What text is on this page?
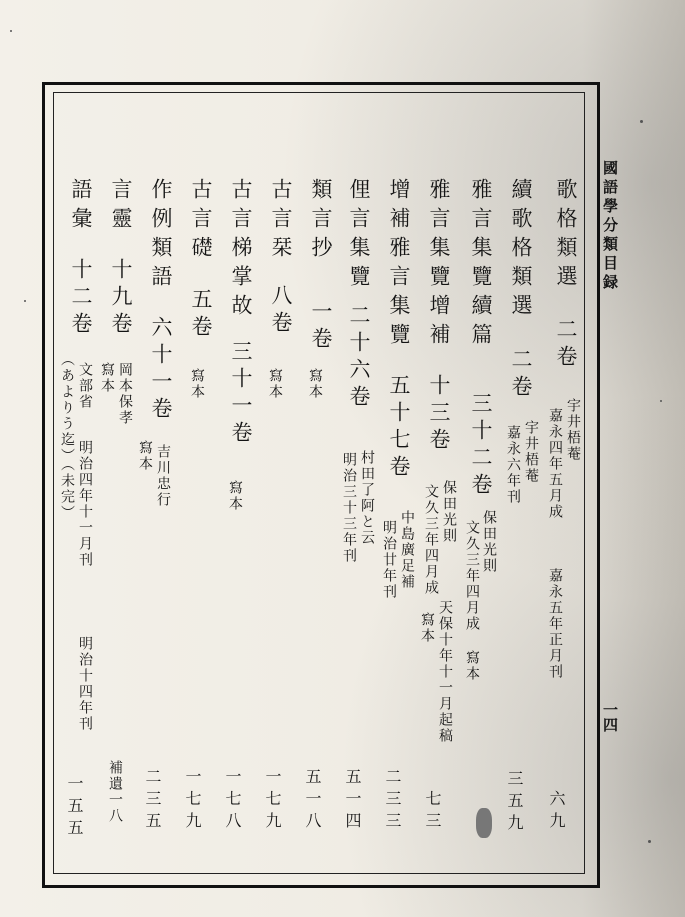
國語學分類目録
一四
歌格類選
二卷
宇井梧菴
嘉永四年五月成
嘉永五年正月刊
六九
續歌格類選
二卷
宇井梧菴
嘉永六年刊
三五九
雅言集覽續篇
三十二卷
保田光則
文久三年四月成
寫本
雅言集覽增補
十三卷
保田光則
文久三年四月成
天保十年十一月起稿
寫本
七三
增補雅言集覽
五十七卷
中島廣足補
明治廿年刊
二三三
俚言集覽
二十六卷
村田了阿と云
明治三十三年刊
五一四
類言抄
一卷
寫本
五一八
古言栞
八卷
寫本
一七九
古言梯掌故
三十一卷
寫本
一七八
古言礎
五卷
寫本
一七九
作例類語
六十一卷
吉川忠行
寫本
二三五
言靈
十九卷
岡本保孝
寫本
補遺一八
語彙
十二卷
文部省
（あよりう迄）（未完） 明治四年十一月刊
明治十四年刊
一五五
